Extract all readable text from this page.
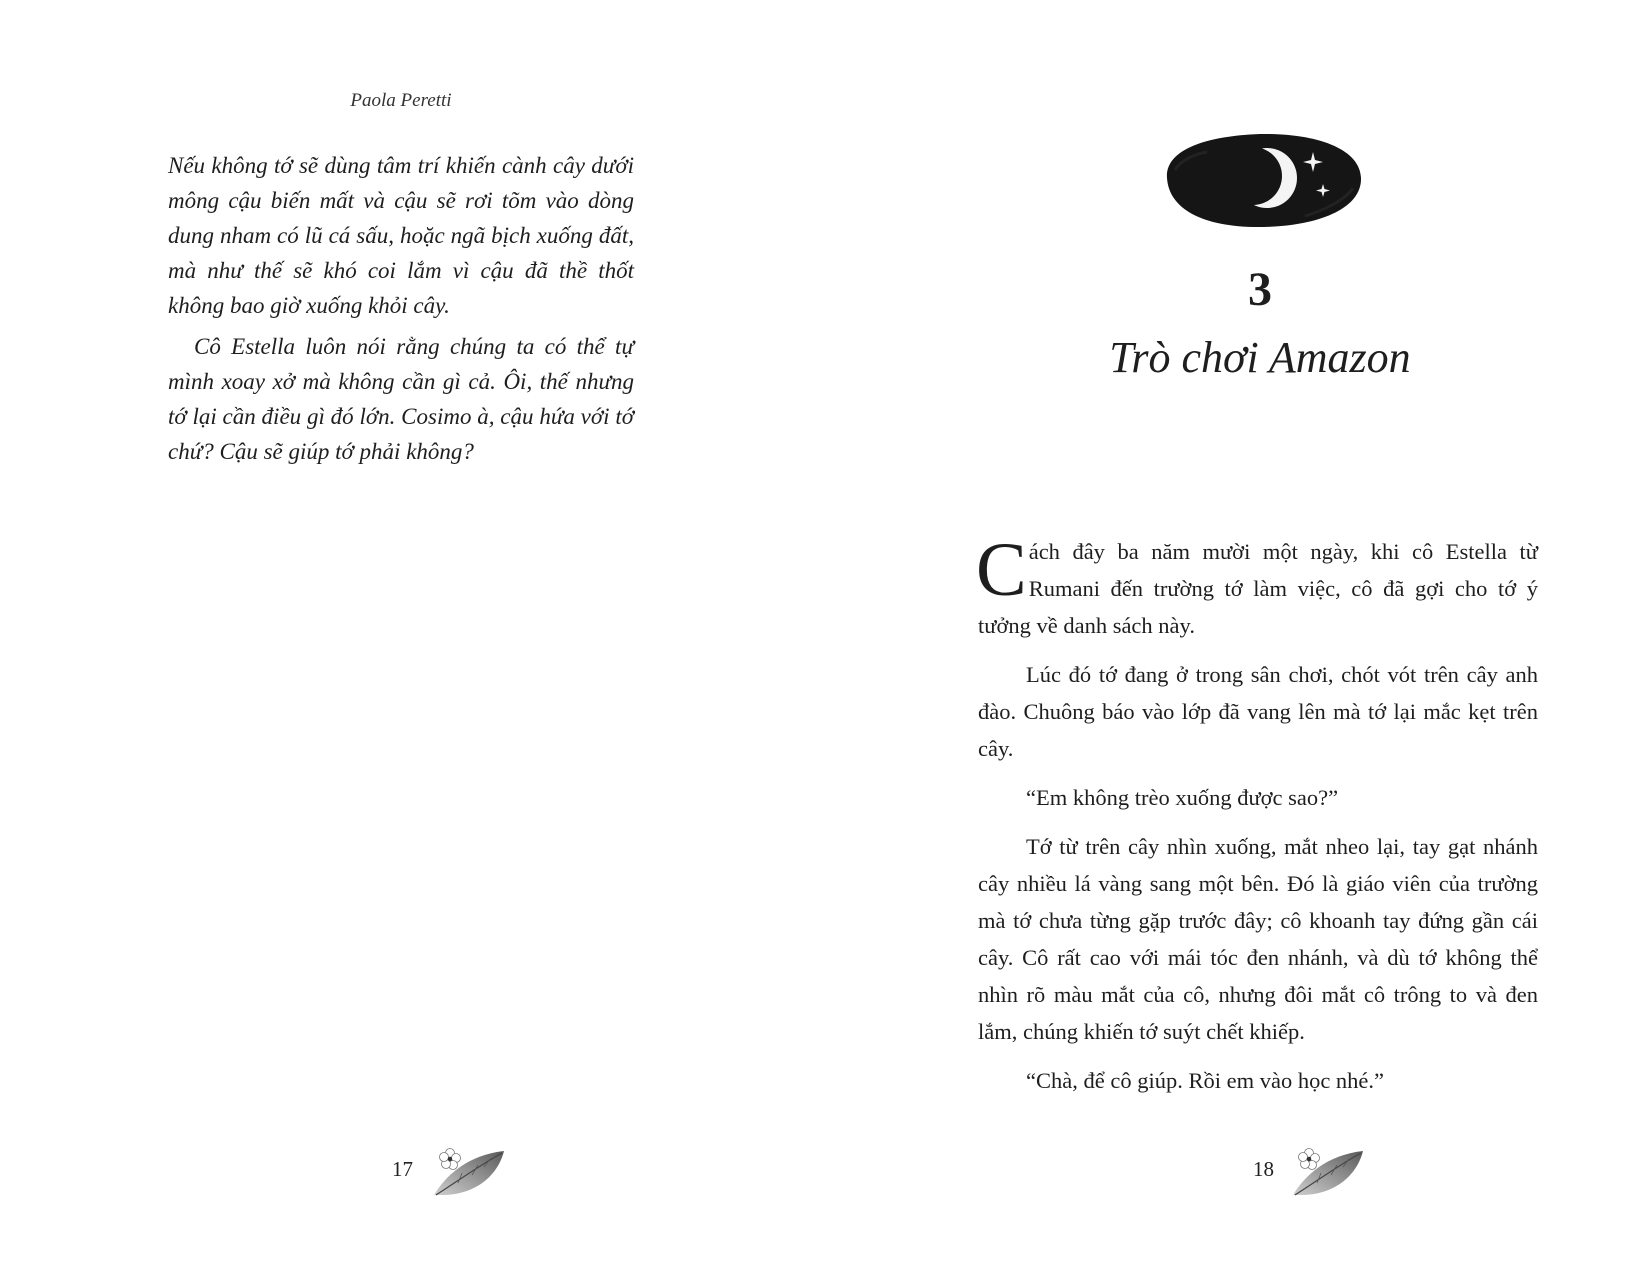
Paola Peretti

Nếu không tớ sẽ dùng tâm trí khiến cành cây dưới mông cậu biến mất và cậu sẽ rơi tõm vào dòng dung nham có lũ cá sấu, hoặc ngã bịch xuống đất, mà như thế sẽ khó coi lắm vì cậu đã thề thốt không bao giờ xuống khỏi cây.

Cô Estella luôn nói rằng chúng ta có thể tự mình xoay xở mà không cần gì cả. Ôi, thế nhưng tớ lại cần điều gì đó lớn. Cosimo à, cậu hứa với tớ chứ? Cậu sẽ giúp tớ phải không?

17
3
Trò chơi Amazon

Cách đây ba năm mười một ngày, khi cô Estella từ Rumani đến trường tớ làm việc, cô đã gợi cho tớ ý tưởng về danh sách này.

Lúc đó tớ đang ở trong sân chơi, chót vót trên cây anh đào. Chuông báo vào lớp đã vang lên mà tớ lại mắc kẹt trên cây.

“Em không trèo xuống được sao?”

Tớ từ trên cây nhìn xuống, mắt nheo lại, tay gạt nhánh cây nhiều lá vàng sang một bên. Đó là giáo viên của trường mà tớ chưa từng gặp trước đây; cô khoanh tay đứng gần cái cây. Cô rất cao với mái tóc đen nhánh, và dù tớ không thể nhìn rõ màu mắt của cô, nhưng đôi mắt cô trông to và đen lắm, chúng khiến tớ suýt chết khiếp.

“Chà, để cô giúp. Rồi em vào học nhé.”

18
